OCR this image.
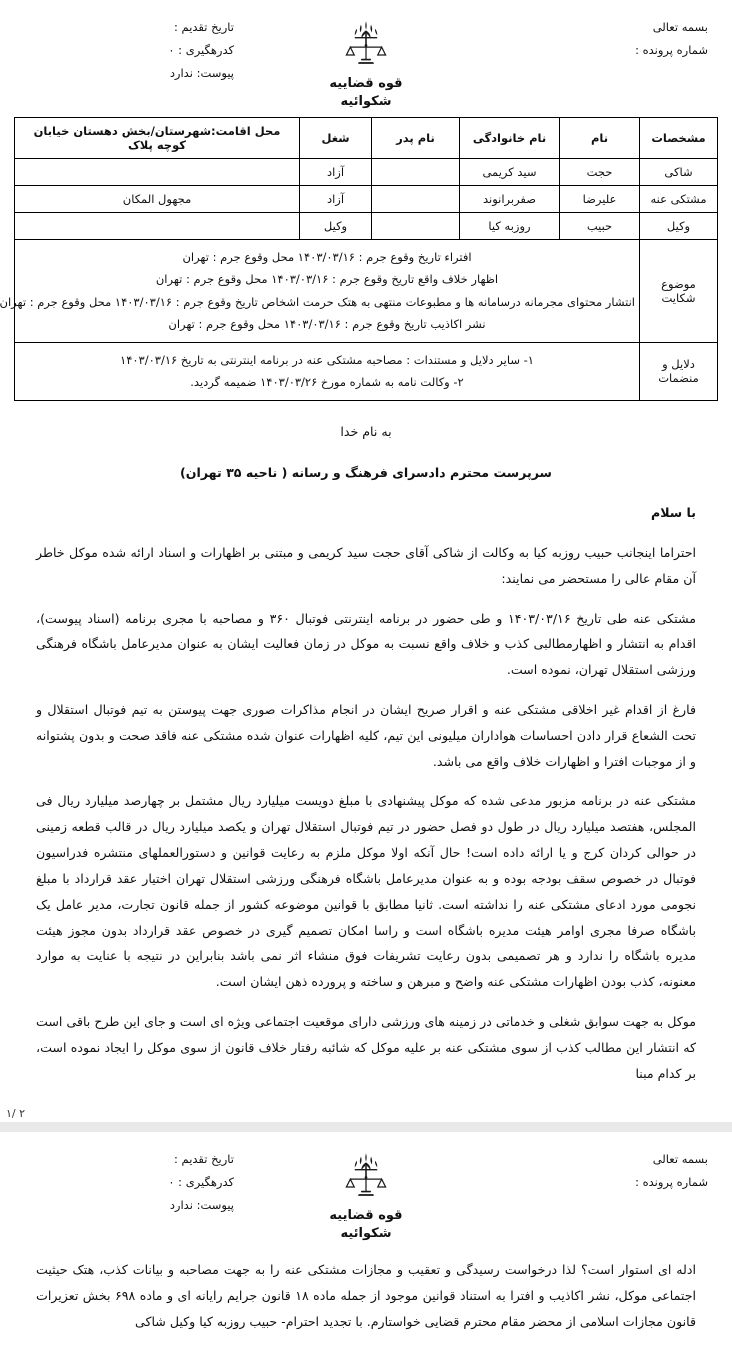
بسمه تعالی
شماره پرونده :
قوه قضاییه
شکوائیه
تاریخ تقدیم :
کدرهگیری : ۰
پیوست: ندارد
مشخصات	نام	نام خانوادگی	نام پدر	شغل	محل اقامت:شهرستان/بخش دهستان خیابان کوچه پلاک
شاکی	حجت	سید کریمی		آزاد	
مشتکی عنه	علیرضا	صفربرانوند		آزاد	مجهول المکان
وکیل	حبیب	روزبه کیا		وکیل	
موضوع شکایت	افتراء تاریخ وقوع جرم : ۱۴۰۳/۰۳/۱۶ محل وقوع جرم : تهران
اظهار خلاف واقع تاریخ وقوع جرم : ۱۴۰۳/۰۳/۱۶ محل وقوع جرم : تهران
انتشار محتوای مجرمانه درسامانه ها و مطبوعات منتهی به هتک حرمت اشخاص تاریخ وقوع جرم : ۱۴۰۳/۰۳/۱۶ محل وقوع جرم : تهران
نشر اکاذیب تاریخ وقوع جرم : ۱۴۰۳/۰۳/۱۶ محل وقوع جرم : تهران				

دلایل و منضمات	۱- سایر دلایل و مستندات : مصاحبه مشتکی عنه در برنامه اینترنتی به تاریخ ۱۴۰۳/۰۳/۱۶
۲- وکالت نامه به شماره مورخ ۱۴۰۳/۰۳/۲۶ ضمیمه گردید.				
به نام خدا
سرپرست محترم دادسرای فرهنگ و رسانه ( ناحیه ۳۵ تهران)
با سلام

احتراما اینجانب حبیب روزبه کیا به وکالت از شاکی آقای حجت سید کریمی و مبتنی بر اظهارات و اسناد ارائه شده موکل خاطر آن مقام عالی را مستحضر می نمایند:

مشتکی عنه طی تاریخ ۱۴۰۳/۰۳/۱۶ و طی حضور در برنامه اینترنتی فوتبال ۳۶۰ و مصاحبه با مجری برنامه (اسناد پیوست)، اقدام به انتشار و اظهارمطالبی کذب و خلاف واقع نسبت به موکل در زمان فعالیت ایشان به عنوان مدیرعامل باشگاه فرهنگی ورزشی استقلال تهران، نموده است.

فارغ از اقدام غیر اخلاقی مشتکی عنه و اقرار صریح ایشان در انجام مذاکرات صوری جهت پیوستن به تیم فوتبال استقلال و تحت الشعاع قرار دادن احساسات هواداران میلیونی این تیم، کلیه اظهارات عنوان شده مشتکی عنه فاقد صحت و بدون پشتوانه و از موجبات افترا و اظهارات خلاف واقع می باشد.

مشتکی عنه در برنامه مزبور مدعی شده که موکل پیشنهادی با مبلغ دویست میلیارد ریال مشتمل بر چهارصد میلیارد ریال فی المجلس، هفتصد میلیارد ریال در طول دو فصل حضور در تیم فوتبال استقلال تهران و یکصد میلیارد ریال در قالب قطعه زمینی در حوالی کردان کرج و یا ارائه داده است! حال آنکه اولا موکل ملزم به رعایت قوانین و دستورالعملهای منتشره فدراسیون فوتبال در خصوص سقف بودجه بوده و به عنوان مدیرعامل باشگاه فرهنگی ورزشی استقلال تهران اختیار عقد قرارداد با مبلغ نجومی مورد ادعای مشتکی عنه را نداشته است. ثانیا مطابق با قوانین موضوعه کشور از جمله قانون تجارت، مدیر عامل یک باشگاه صرفا مجری اوامر هیئت مدیره باشگاه است و راسا امکان تصمیم گیری در خصوص عقد قرارداد بدون مجوز هیئت مدیره باشگاه را ندارد و هر تصمیمی بدون رعایت تشریفات فوق منشاء اثر نمی باشد بنابراین در نتیجه با عنایت به موارد معنونه، کذب بودن اظهارات مشتکی عنه واضح و مبرهن و ساخته و پرورده ذهن ایشان است.

موکل به جهت سوابق شغلی و خدماتی در زمینه های ورزشی دارای موقعیت اجتماعی ویژه ای است و جای این طرح باقی است که انتشار این مطالب کذب از سوی مشتکی عنه بر علیه موکل که شائبه رفتار خلاف قانون از سوی موکل را ایجاد نموده است، بر کدام مبنا

۲ /۱
بسمه تعالی
شماره پرونده :
قوه قضاییه
شکوائیه
تاریخ تقدیم :
کدرهگیری : ۰
پیوست: ندارد

ادله ای استوار است؟ لذا درخواست رسیدگی و تعقیب و مجازات مشتکی عنه را به جهت مصاحبه و بیانات کذب، هتک حیثیت اجتماعی موکل، نشر اکاذیب و افترا به استناد قوانین موجود از جمله ماده ۱۸ قانون جرایم رایانه ای و ماده ۶۹۸ بخش تعزیرات قانون مجازات اسلامی از محضر مقام محترم قضایی خواستارم. با تجدید احترام- حبیب روزبه کیا وکیل شاکی
